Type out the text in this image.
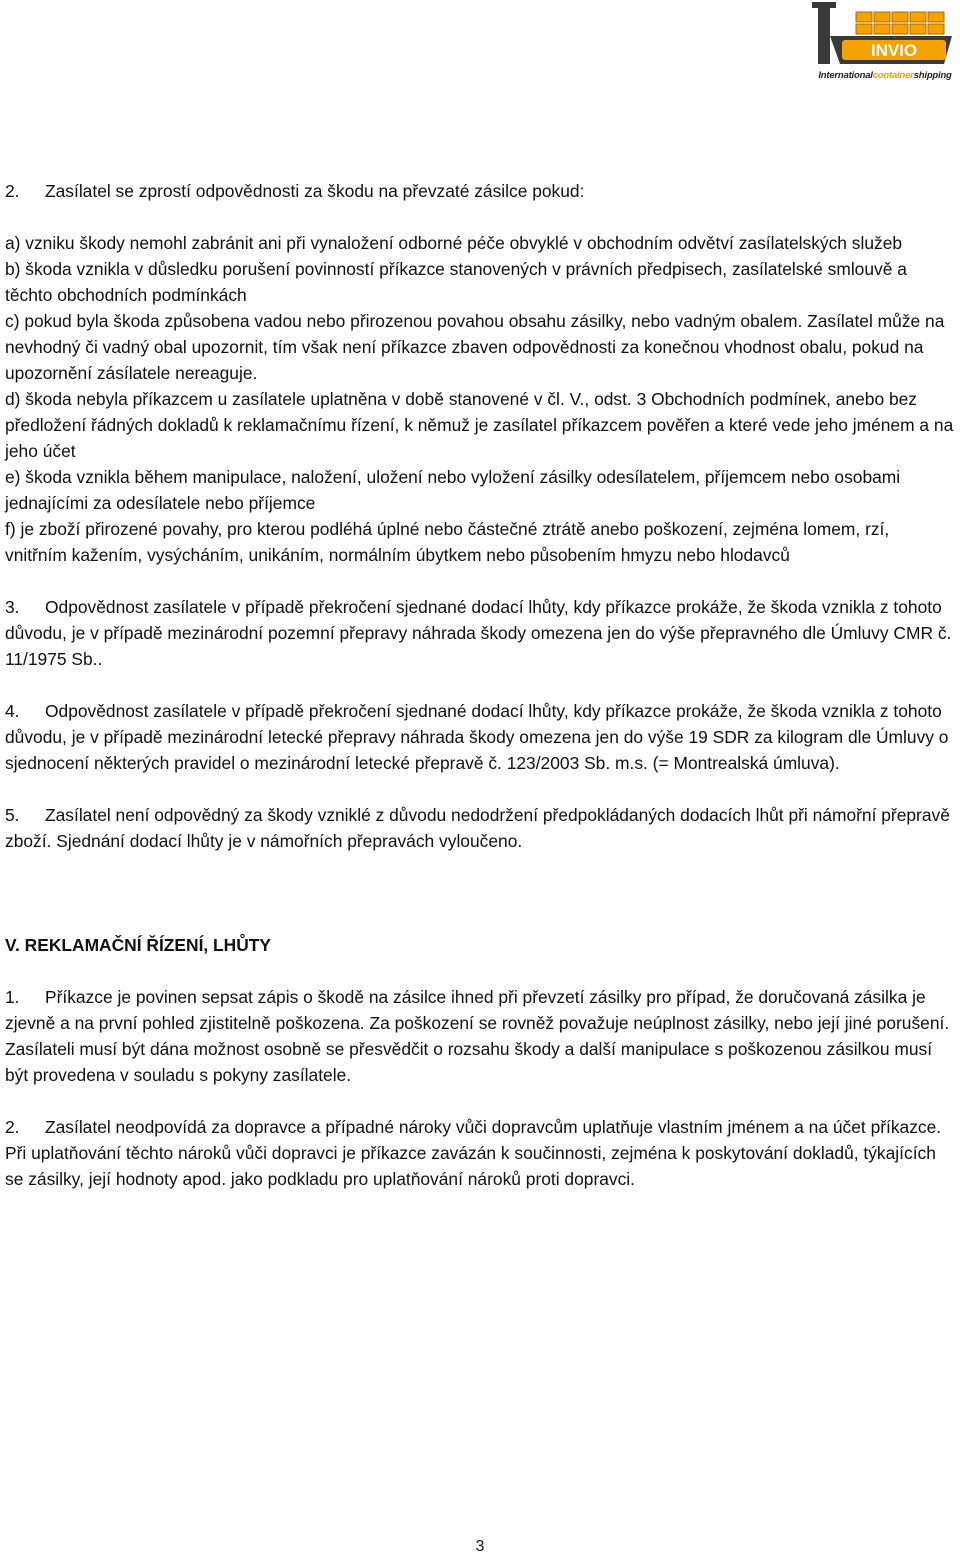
INVIO
Internationalcontainershipping

2. Zasílatel se zprostí odpovědnosti za škodu na převzaté zásilce pokud:

a) vzniku škody nemohl zabránit ani při vynaložení odborné péče obvyklé v obchodním odvětví zasílatelských služeb
b) škoda vznikla v důsledku porušení povinností příkazce stanovených v právních předpisech, zasílatelské smlouvě a těchto obchodních podmínkách
c) pokud byla škoda způsobena vadou nebo přirozenou povahou obsahu zásilky, nebo vadným obalem. Zasílatel může na nevhodný či vadný obal upozornit, tím však není příkazce zbaven odpovědnosti za konečnou vhodnost obalu, pokud na upozornění zásílatele nereaguje.
d) škoda nebyla příkazcem u zasílatele uplatněna v době stanovené v čl. V., odst. 3 Obchodních podmínek, anebo bez předložení řádných dokladů k reklamačnímu řízení, k němuž je zasílatel příkazcem pověřen a které vede jeho jménem a na jeho účet
e) škoda vznikla během manipulace, naložení, uložení nebo vyložení zásilky odesílatelem, příjemcem nebo osobami jednajícími za odesílatele nebo příjemce
f) je zboží přirozené povahy, pro kterou podléhá úplné nebo částečné ztrátě anebo poškození, zejména lomem, rzí, vnitřním kažením, vysýcháním, unikáním, normálním úbytkem nebo působením hmyzu nebo hlodavců

3. Odpovědnost zasílatele v případě překročení sjednané dodací lhůty, kdy příkazce prokáže, že škoda vznikla z tohoto důvodu, je v případě mezinárodní pozemní přepravy náhrada škody omezena jen do výše přepravného dle Úmluvy CMR č. 11/1975 Sb..

4. Odpovědnost zasílatele v případě překročení sjednané dodací lhůty, kdy příkazce prokáže, že škoda vznikla z tohoto důvodu, je v případě mezinárodní letecké přepravy náhrada škody omezena jen do výše 19 SDR za kilogram dle Úmluvy o sjednocení některých pravidel o mezinárodní letecké přepravě č. 123/2003 Sb. m.s. (= Montrealská úmluva).

5. Zasílatel není odpovědný za škody vzniklé z důvodu nedodržení předpokládaných dodacích lhůt při námořní přepravě zboží. Sjednání dodací lhůty je v námořních přepravách vyloučeno.

V. REKLAMAČNÍ ŘÍZENÍ, LHŮTY

1. Příkazce je povinen sepsat zápis o škodě na zásilce ihned při převzetí zásilky pro případ, že doručovaná zásilka je zjevně a na první pohled zjistitelně poškozena. Za poškození se rovněž považuje neúplnost zásilky, nebo její jiné porušení. Zasílateli musí být dána možnost osobně se přesvědčit o rozsahu škody a další manipulace s poškozenou zásilkou musí být provedena v souladu s pokyny zasílatele.

2. Zasílatel neodpovídá za dopravce a případné nároky vůči dopravcům uplatňuje vlastním jménem a na účet příkazce. Při uplatňování těchto nároků vůči dopravci je příkazce zavázán k součinnosti, zejména k poskytování dokladů, týkajících se zásilky, její hodnoty apod. jako podkladu pro uplatňování nároků proti dopravci.

3
